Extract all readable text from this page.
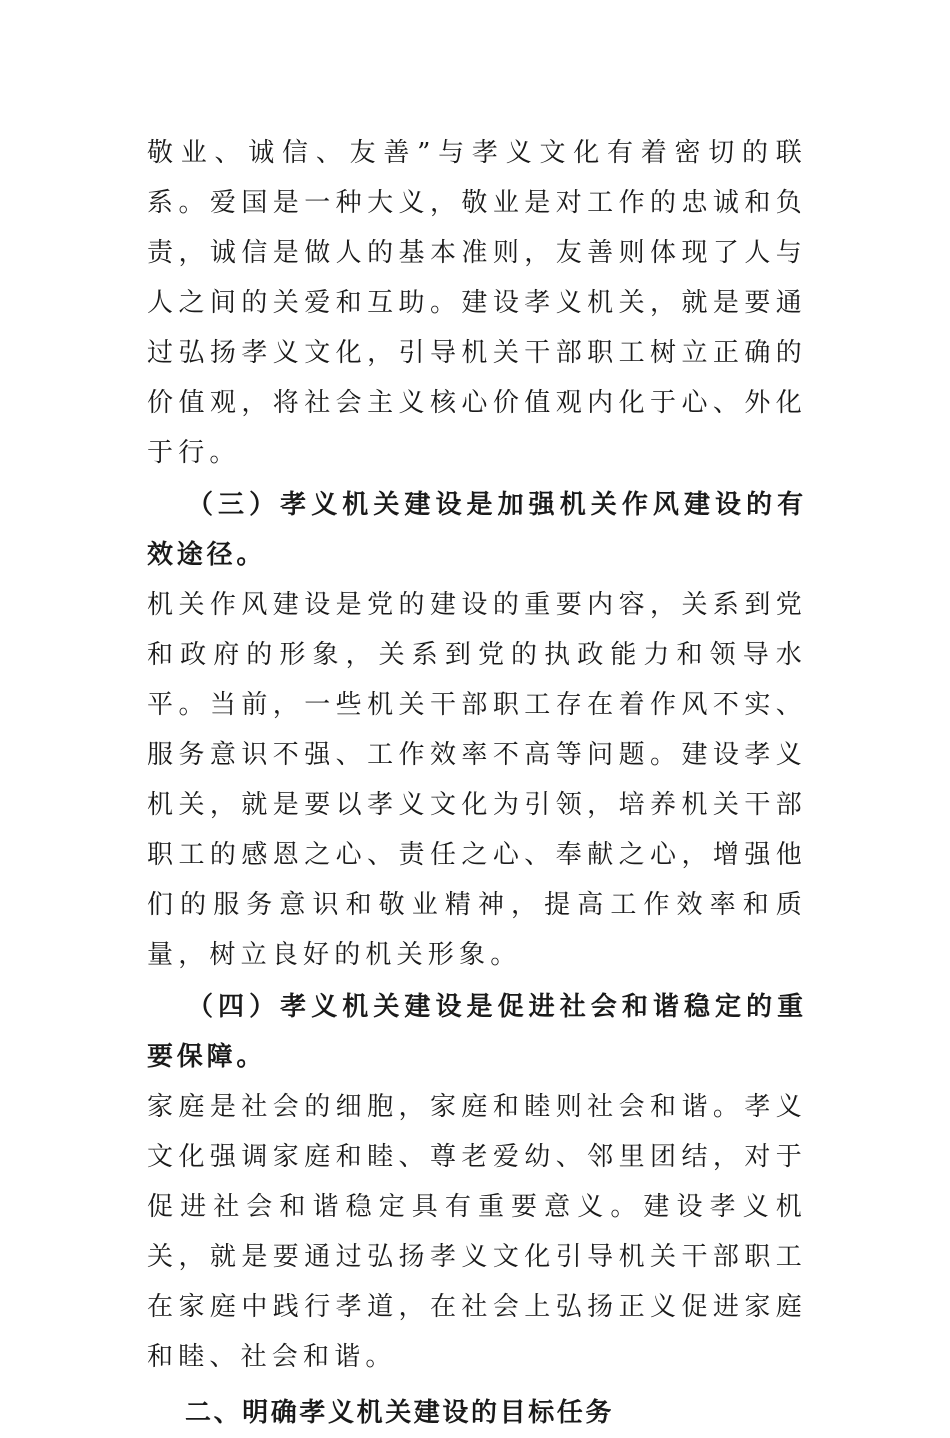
敬业、诚信、友善”与孝义文化有着密切的联系。爱国是一种大义，敬业是对工作的忠诚和负责，诚信是做人的基本准则，友善则体现了人与人之间的关爱和互助。建设孝义机关，就是要通过弘扬孝义文化，引导机关干部职工树立正确的价值观，将社会主义核心价值观内化于心、外化于行。

（三）孝义机关建设是加强机关作风建设的有效途径。

机关作风建设是党的建设的重要内容，关系到党和政府的形象，关系到党的执政能力和领导水平。当前，一些机关干部职工存在着作风不实、服务意识不强、工作效率不高等问题。建设孝义机关，就是要以孝义文化为引领，培养机关干部职工的感恩之心、责任之心、奉献之心，增强他们的服务意识和敬业精神，提高工作效率和质量，树立良好的机关形象。

（四）孝义机关建设是促进社会和谐稳定的重要保障。

家庭是社会的细胞，家庭和睦则社会和谐。孝义文化强调家庭和睦、尊老爱幼、邻里团结，对于促进社会和谐稳定具有重要意义。建设孝义机关，就是要通过弘扬孝义文化引导机关干部职工在家庭中践行孝道，在社会上弘扬正义促进家庭和睦、社会和谐。

二、明确孝义机关建设的目标任务
